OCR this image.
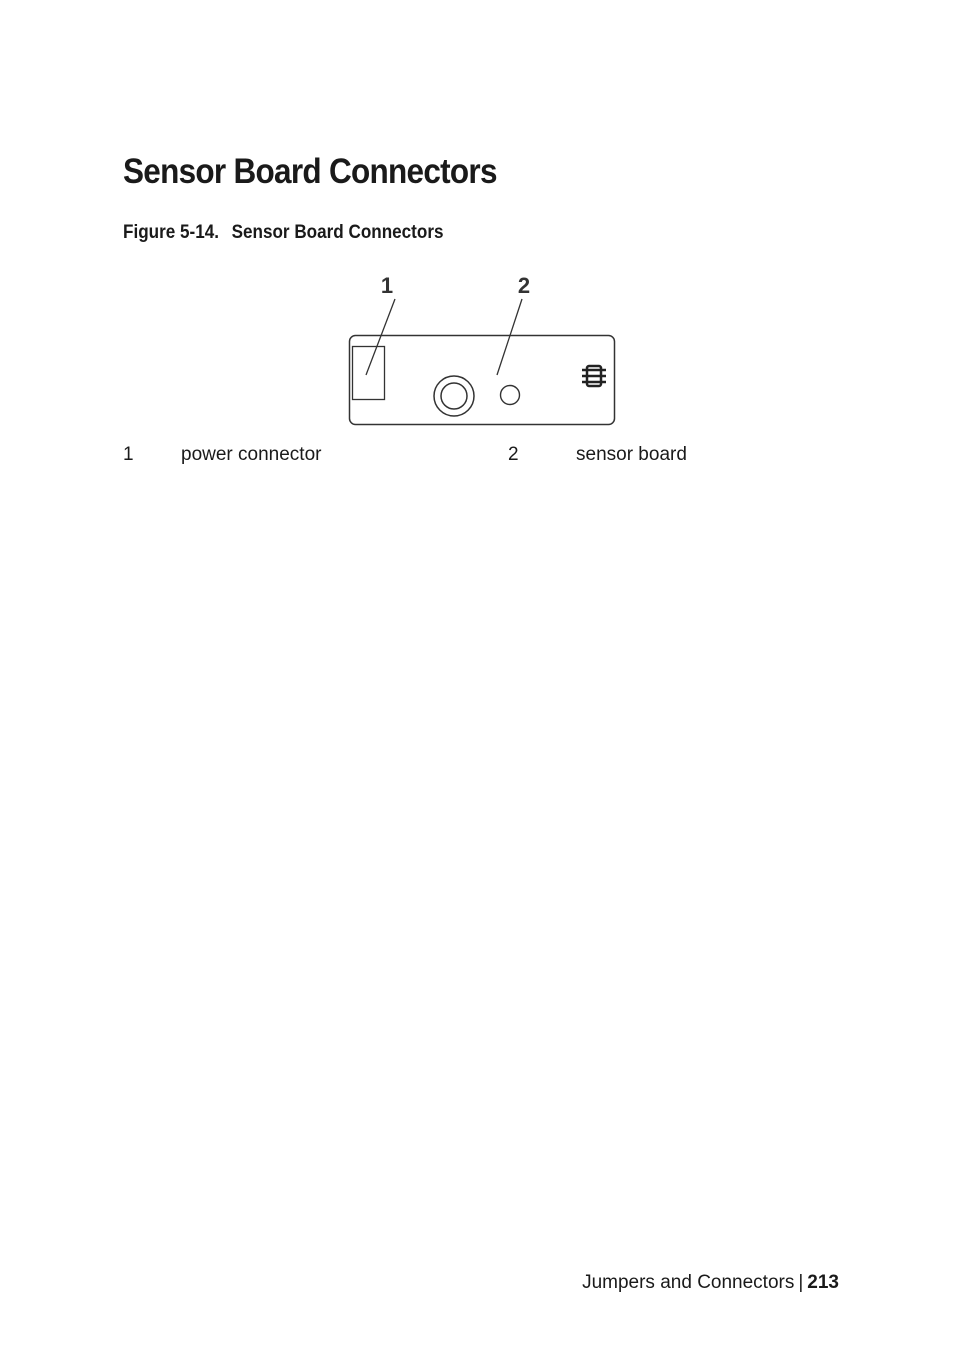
Sensor Board Connectors
Figure 5-14. Sensor Board Connectors
1	2
1 power connector	2	sensor board
Jumpers and Connectors | 213
